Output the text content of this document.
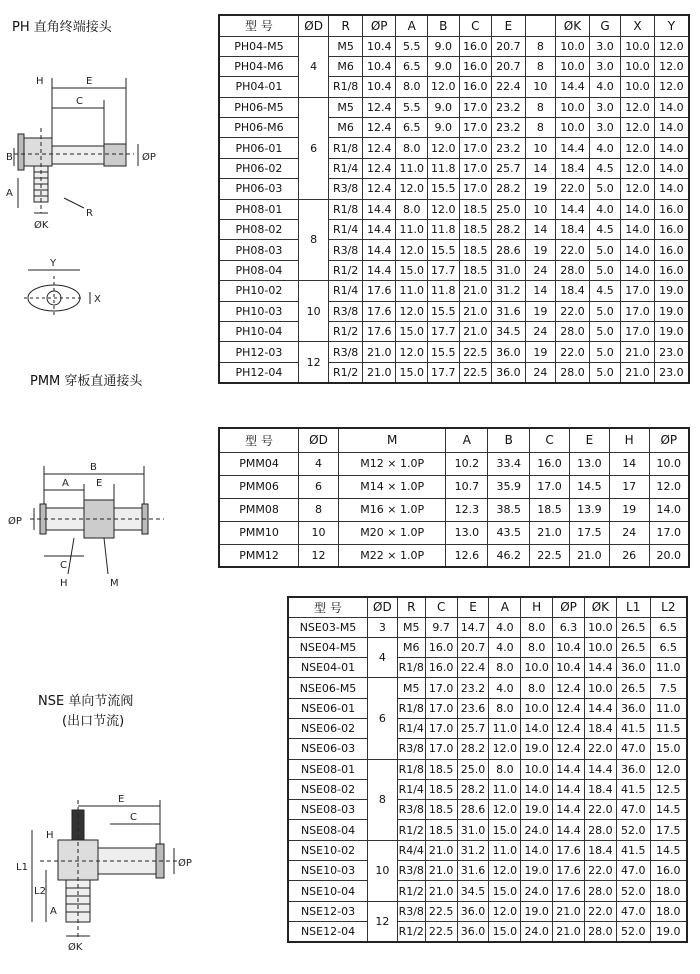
PH 直角终端接头
H	E
C
B
A
R
ØK
ØP
Y
X
型 号	ØD	R	ØP	A	B	C	E		ØK	G	X	Y
PH04-M5	4	M5	10.4	5.5	9.0	16.0	20.7	8	10.0	3.0	10.0	12.0
PH04-M6		M6	10.4	6.5	9.0	16.0	20.7	8	10.0	3.0	10.0	12.0
PH04-01		R1/8	10.4	8.0	12.0	16.0	22.4	10	14.4	4.0	10.0	12.0
PH06-M5	6	M5	12.4	5.5	9.0	17.0	23.2	8	10.0	3.0	12.0	14.0
PH06-M6		M6	12.4	6.5	9.0	17.0	23.2	8	10.0	3.0	12.0	14.0
PH06-01		R1/8	12.4	8.0	12.0	17.0	23.2	10	14.4	4.0	12.0	14.0
PH06-02		R1/4	12.4	11.0	11.8	17.0	25.7	14	18.4	4.5	12.0	14.0
PH06-03		R3/8	12.4	12.0	15.5	17.0	28.2	19	22.0	5.0	12.0	14.0
PH08-01	8	R1/8	14.4	8.0	12.0	18.5	25.0	10	14.4	4.0	14.0	16.0
PH08-02		R1/4	14.4	11.0	11.8	18.5	28.2	14	18.4	4.5	14.0	16.0
PH08-03		R3/8	14.4	12.0	15.5	18.5	28.6	19	22.0	5.0	14.0	16.0
PH08-04		R1/2	14.4	15.0	17.7	18.5	31.0	24	28.0	5.0	14.0	16.0
PH10-02	10	R1/4	17.6	11.0	11.8	21.0	31.2	14	18.4	4.5	17.0	19.0
PH10-03		R3/8	17.6	12.0	15.5	21.0	31.6	19	22.0	5.0	17.0	19.0
PH10-04		R1/2	17.6	15.0	17.7	21.0	34.5	24	28.0	5.0	17.0	19.0
PH12-03	12	R3/8	21.0	12.0	15.5	22.5	36.0	19	22.0	5.0	21.0	23.0
PH12-04		R1/2	21.0	15.0	17.7	22.5	36.0	24	28.0	5.0	21.0	23.0
PMM 穿板直通接头
B
A	E
ØP
C
H	M
型 号	ØD	M	A	B	C	E	H	ØP
PMM04	4	M12 × 1.0P	10.2	33.4	16.0	13.0	14	10.0
PMM06	6	M14 × 1.0P	10.7	35.9	17.0	14.5	17	12.0
PMM08	8	M16 × 1.0P	12.3	38.5	18.5	13.9	19	14.0
PMM10	10	M20 × 1.0P	13.0	43.5	21.0	17.5	24	17.0
PMM12	12	M22 × 1.0P	12.6	46.2	22.5	21.0	26	20.0
NSE 单向节流阀
(出口节流)
E
C
H
L1
L2
A
ØK
ØP
型 号	ØD	R	C	E	A	H	ØP	ØK	L1	L2
NSE03-M5	3	M5	9.7	14.7	4.0	8.0	6.3	10.0	26.5	6.5
NSE04-M5	4	M6	16.0	20.7	4.0	8.0	10.4	10.0	26.5	6.5
NSE04-01		R1/8	16.0	22.4	8.0	10.0	10.4	14.4	36.0	11.0
NSE06-M5	6	M5	17.0	23.2	4.0	8.0	12.4	10.0	26.5	7.5
NSE06-01		R1/8	17.0	23.6	8.0	10.0	12.4	14.4	36.0	11.0
NSE06-02		R1/4	17.0	25.7	11.0	14.0	12.4	18.4	41.5	11.5
NSE06-03		R3/8	17.0	28.2	12.0	19.0	12.4	22.0	47.0	15.0
NSE08-01	8	R1/8	18.5	25.0	8.0	10.0	14.4	14.4	36.0	12.0
NSE08-02		R1/4	18.5	28.2	11.0	14.0	14.4	18.4	41.5	12.5
NSE08-03		R3/8	18.5	28.6	12.0	19.0	14.4	22.0	47.0	14.5
NSE08-04		R1/2	18.5	31.0	15.0	24.0	14.4	28.0	52.0	17.5
NSE10-02	10	R4/4	21.0	31.2	11.0	14.0	17.6	18.4	41.5	14.5
NSE10-03		R3/8	21.0	31.6	12.0	19.0	17.6	22.0	47.0	16.0
NSE10-04		R1/2	21.0	34.5	15.0	24.0	17.6	28.0	52.0	18.0
NSE12-03	12	R3/8	22.5	36.0	12.0	19.0	21.0	22.0	47.0	18.0
NSE12-04		R1/2	22.5	36.0	15.0	24.0	21.0	28.0	52.0	19.0
